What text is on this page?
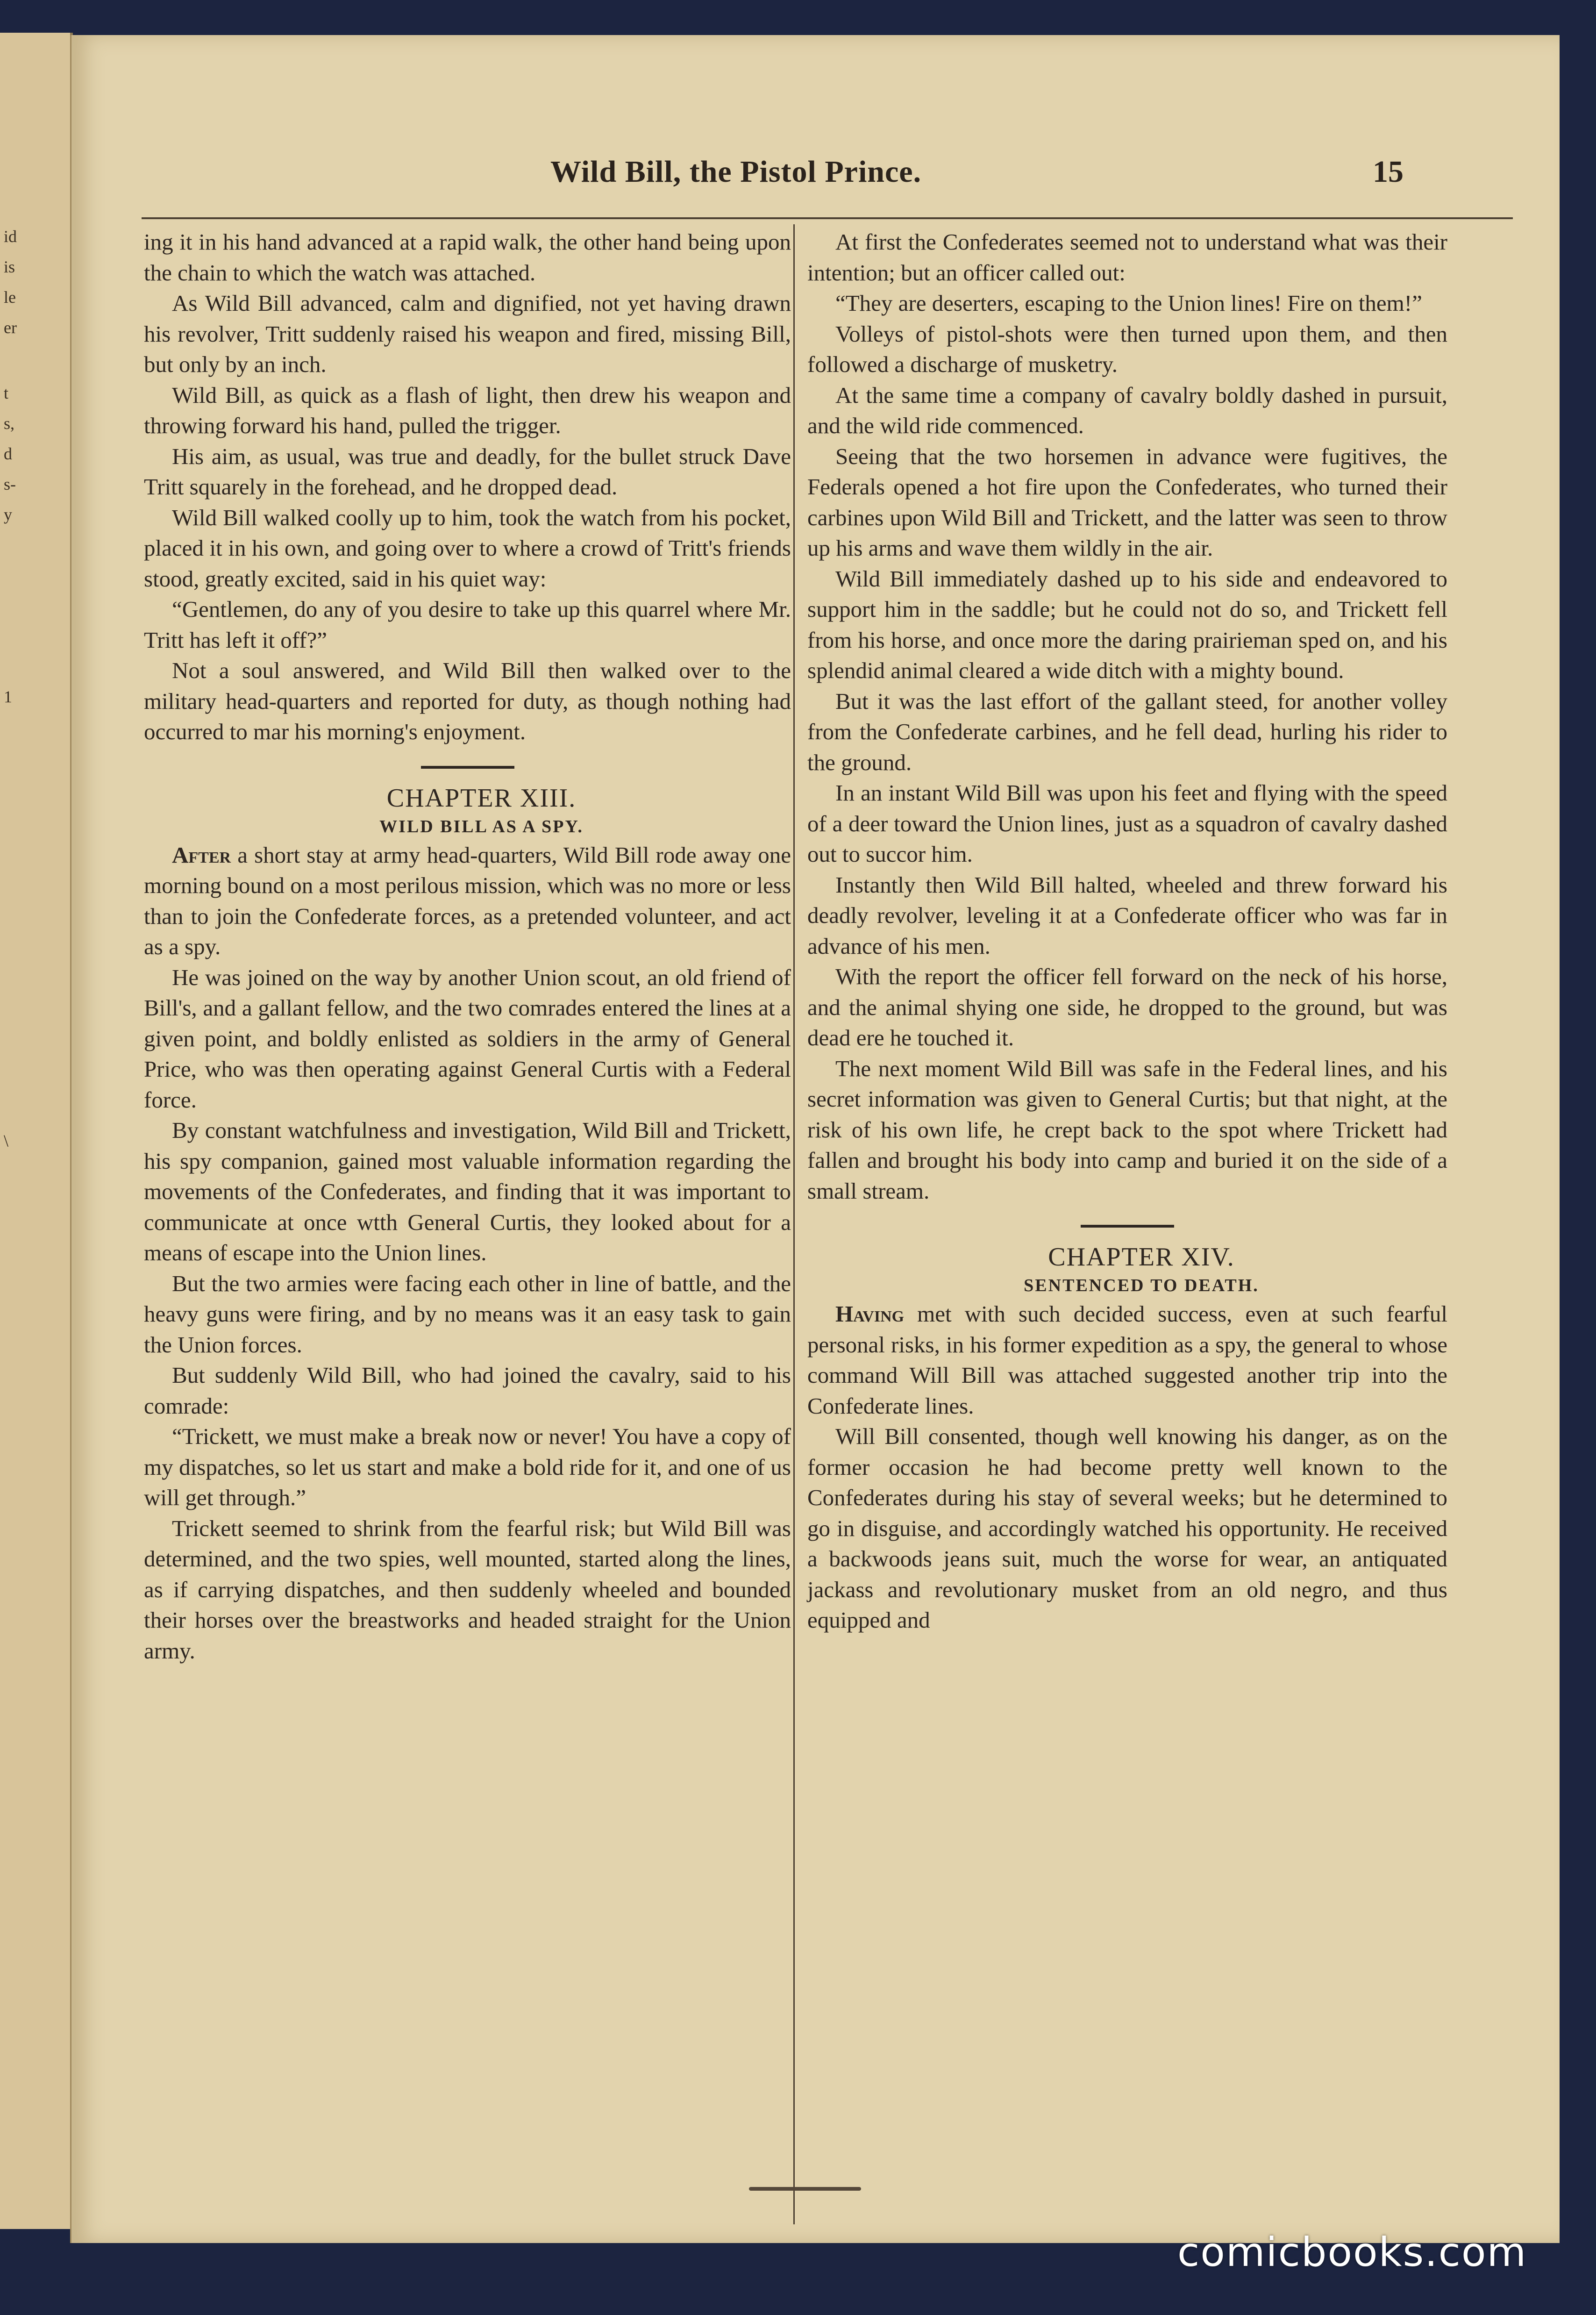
id
is
le
er
t
s,
d
s-
y
1
\
Wild Bill, the Pistol Prince.	15

ing it in his hand advanced at a rapid walk, the other hand being upon the chain to which the watch was attached.

As Wild Bill advanced, calm and dignified, not yet having drawn his revolver, Tritt suddenly raised his weapon and fired, missing Bill, but only by an inch.

Wild Bill, as quick as a flash of light, then drew his weapon and throwing forward his hand, pulled the trigger.

His aim, as usual, was true and deadly, for the bullet struck Dave Tritt squarely in the forehead, and he dropped dead.

Wild Bill walked coolly up to him, took the watch from his pocket, placed it in his own, and going over to where a crowd of Tritt's friends stood, greatly excited, said in his quiet way:

“Gentlemen, do any of you desire to take up this quarrel where Mr. Tritt has left it off?”

Not a soul answered, and Wild Bill then walked over to the military head-quarters and reported for duty, as though nothing had occurred to mar his morning's enjoyment.

CHAPTER XIII.

WILD BILL AS A SPY.

After a short stay at army head-quarters, Wild Bill rode away one morning bound on a most perilous mission, which was no more or less than to join the Confederate forces, as a pretended volunteer, and act as a spy.

He was joined on the way by another Union scout, an old friend of Bill's, and a gallant fellow, and the two comrades entered the lines at a given point, and boldly enlisted as soldiers in the army of General Price, who was then operating against General Curtis with a Federal force.

By constant watchfulness and investigation, Wild Bill and Trickett, his spy companion, gained most valuable information regarding the movements of the Confederates, and finding that it was important to communicate at once wtth General Curtis, they looked about for a means of escape into the Union lines.

But the two armies were facing each other in line of battle, and the heavy guns were firing, and by no means was it an easy task to gain the Union forces.

But suddenly Wild Bill, who had joined the cavalry, said to his comrade:

“Trickett, we must make a break now or never! You have a copy of my dispatches, so let us start and make a bold ride for it, and one of us will get through.”

Trickett seemed to shrink from the fearful risk; but Wild Bill was determined, and the two spies, well mounted, started along the lines, as if carrying dispatches, and then suddenly wheeled and bounded their horses over the breastworks and headed straight for the Union army.

At first the Confederates seemed not to understand what was their intention; but an officer called out:

“They are deserters, escaping to the Union lines! Fire on them!”

Volleys of pistol-shots were then turned upon them, and then followed a discharge of musketry.

At the same time a company of cavalry boldly dashed in pursuit, and the wild ride commenced.

Seeing that the two horsemen in advance were fugitives, the Federals opened a hot fire upon the Confederates, who turned their carbines upon Wild Bill and Trickett, and the latter was seen to throw up his arms and wave them wildly in the air.

Wild Bill immediately dashed up to his side and endeavored to support him in the saddle; but he could not do so, and Trickett fell from his horse, and once more the daring prairieman sped on, and his splendid animal cleared a wide ditch with a mighty bound.

But it was the last effort of the gallant steed, for another volley from the Confederate carbines, and he fell dead, hurling his rider to the ground.

In an instant Wild Bill was upon his feet and flying with the speed of a deer toward the Union lines, just as a squadron of cavalry dashed out to succor him.

Instantly then Wild Bill halted, wheeled and threw forward his deadly revolver, leveling it at a Confederate officer who was far in advance of his men.

With the report the officer fell forward on the neck of his horse, and the animal shying one side, he dropped to the ground, but was dead ere he touched it.

The next moment Wild Bill was safe in the Federal lines, and his secret information was given to General Curtis; but that night, at the risk of his own life, he crept back to the spot where Trickett had fallen and brought his body into camp and buried it on the side of a small stream.

CHAPTER XIV.

SENTENCED TO DEATH.

Having met with such decided success, even at such fearful personal risks, in his former expedition as a spy, the general to whose command Will Bill was attached suggested another trip into the Confederate lines.

Will Bill consented, though well knowing his danger, as on the former occasion he had become pretty well known to the Confederates during his stay of several weeks; but he determined to go in disguise, and accordingly watched his opportunity. He received a backwoods jeans suit, much the worse for wear, an antiquated jackass and revolutionary musket from an old negro, and thus equipped and

comicbooks.com
